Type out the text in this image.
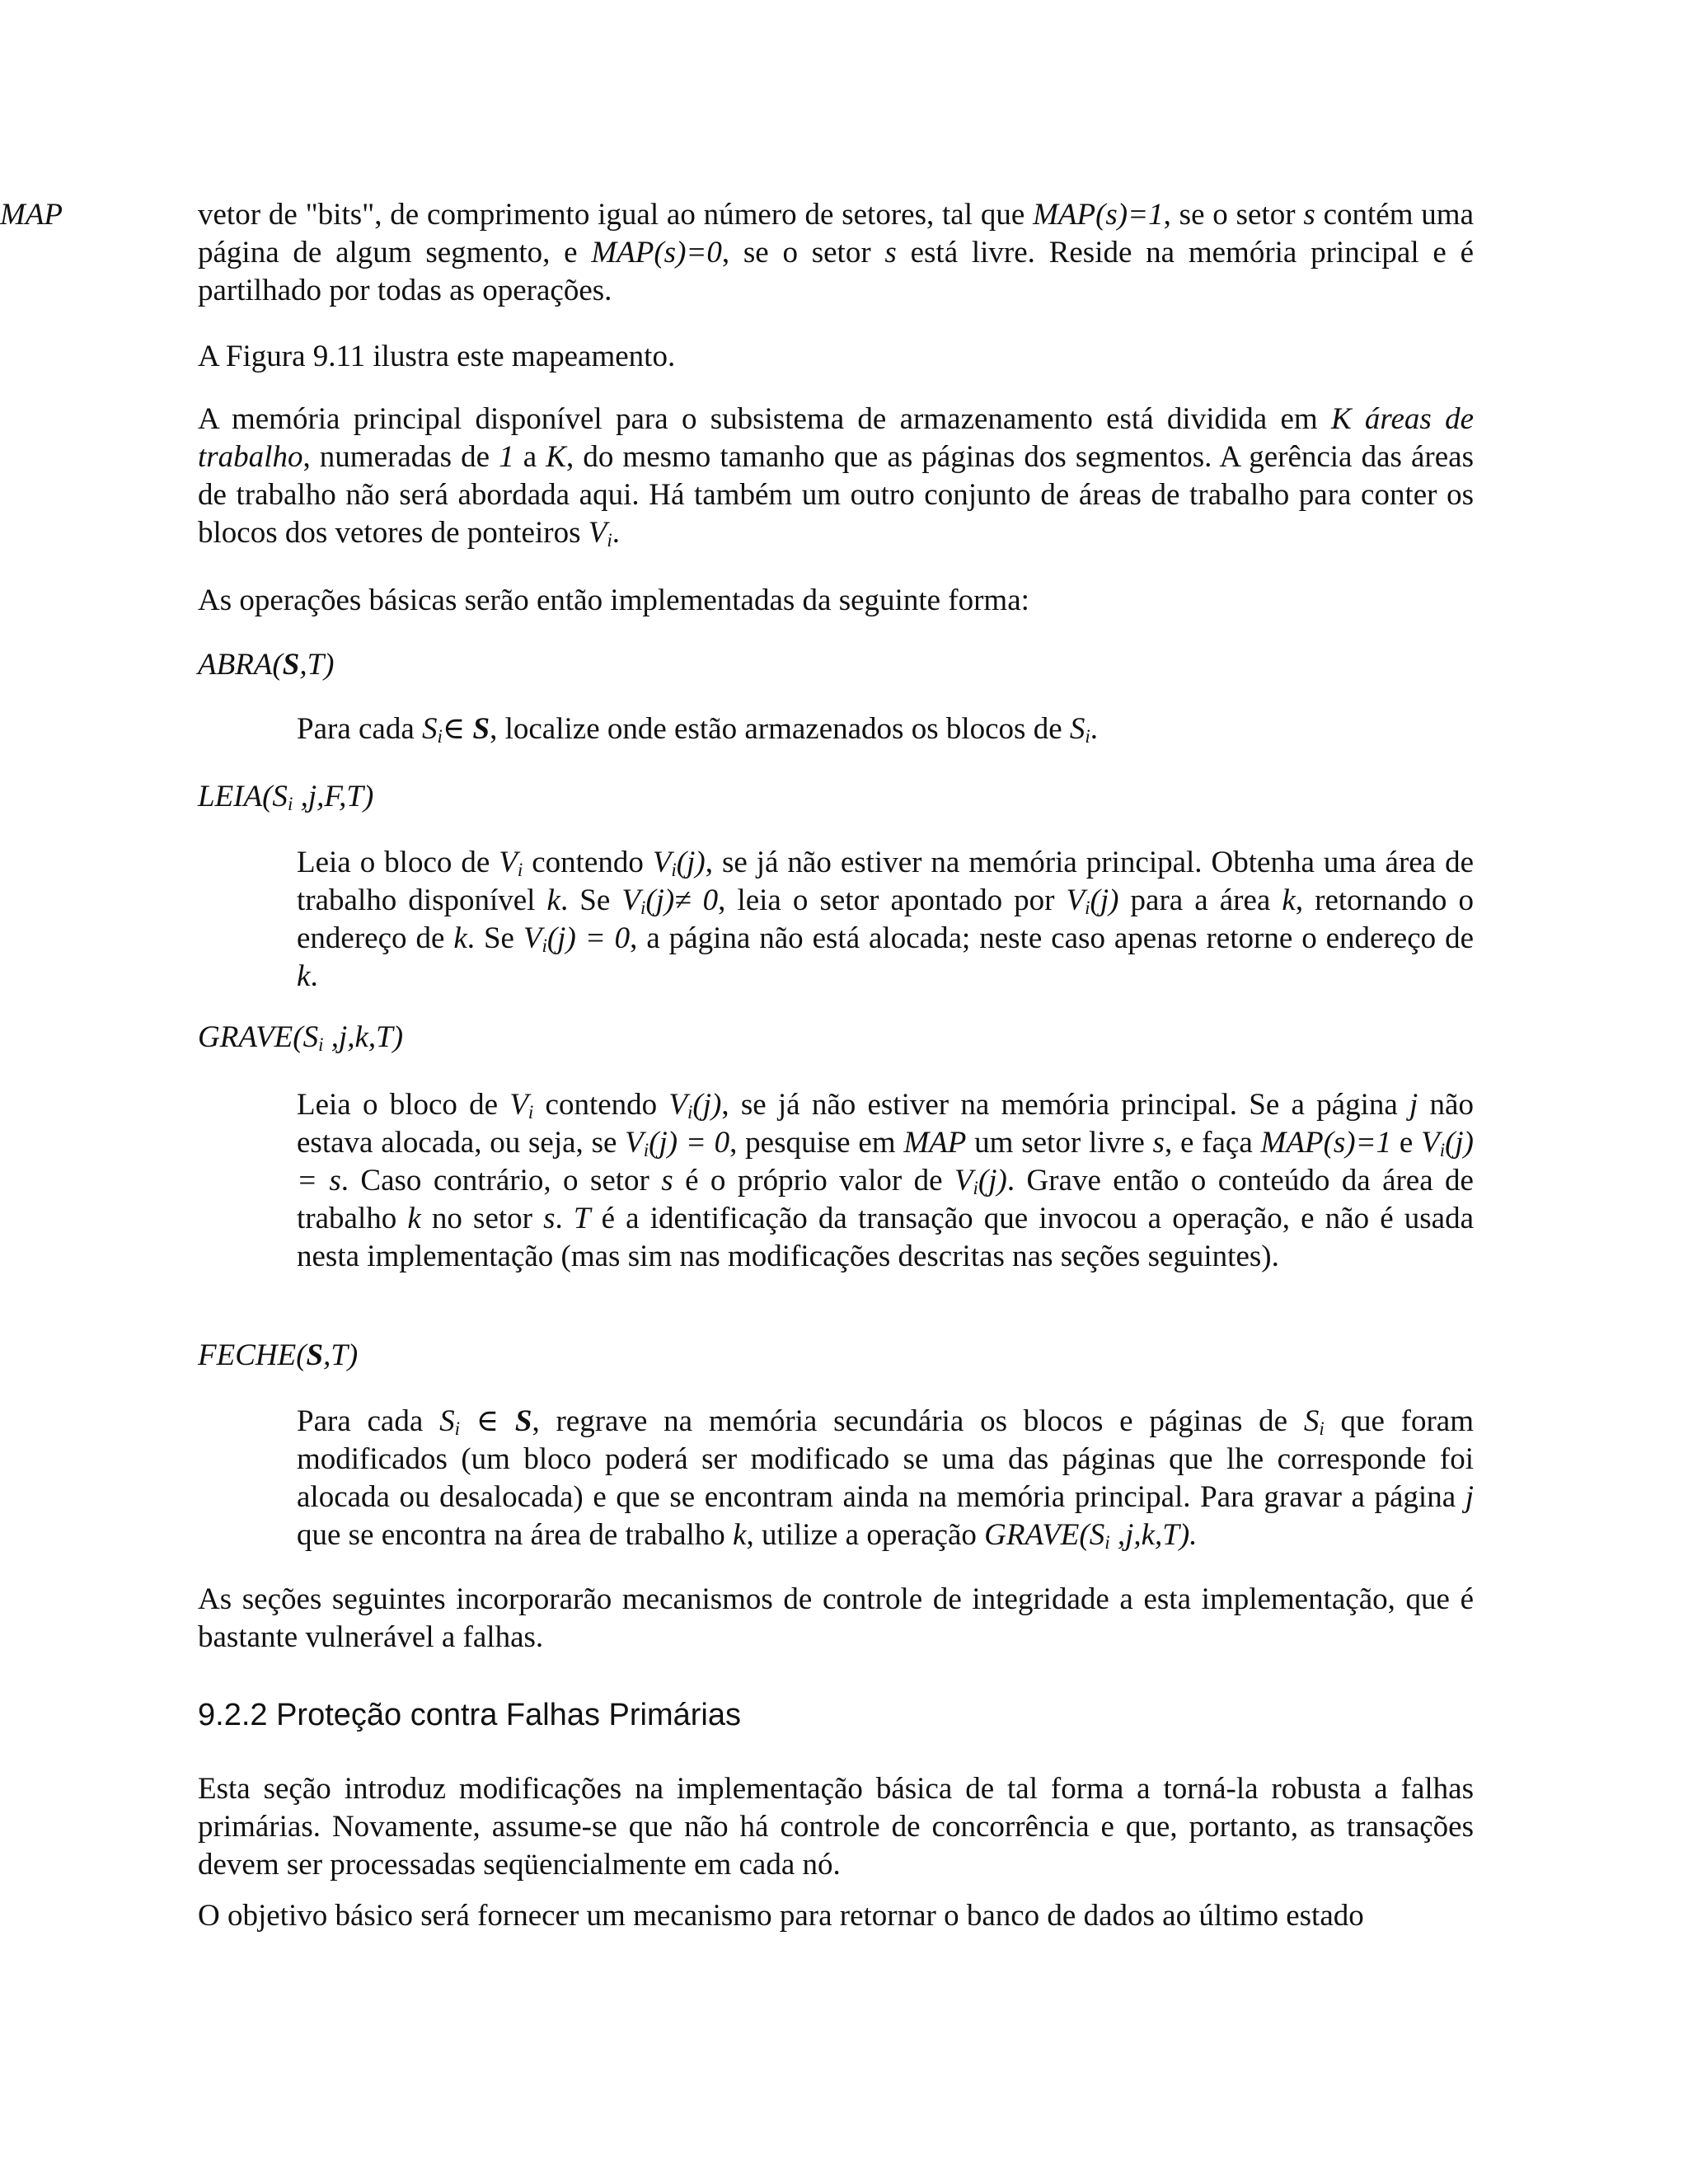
MAP	vetor de "bits", de comprimento igual ao número de setores, tal que MAP(s)=1, se o setor s contém uma página de algum segmento, e MAP(s)=0, se o setor s está livre. Reside na memória principal e é partilhado por todas as operações.

A Figura 9.11 ilustra este mapeamento.

A memória principal disponível para o subsistema de armazenamento está dividida em K áreas de trabalho, numeradas de 1 a K, do mesmo tamanho que as páginas dos segmentos. A gerência das áreas de trabalho não será abordada aqui. Há também um outro conjunto de áreas de trabalho para conter os blocos dos vetores de ponteiros $V_i$.

As operações básicas serão então implementadas da seguinte forma:

ABRA(S,T)

Para cada $S_i\in$ S, localize onde estão armazenados os blocos de $S_i$.

$LEIA(S_i$ ,j,F,T)

Leia o bloco de $V_i$ contendo $V_i(j)$, se já não estiver na memória principal. Obtenha uma área de trabalho disponível k. Se $V_i(j)\ne 0$, leia o setor apontado por $V_i(j)$ para a área k, retornando o endereço de k. Se $V_i(j) = 0$, a página não está alocada; neste caso apenas retorne o endereço de k.

$GRAVE(S_i$ ,j,k,T)

Leia o bloco de $V_i$ contendo $V_i(j)$, se já não estiver na memória principal. Se a página j não estava alocada, ou seja, se $V_i(j) = 0$, pesquise em MAP um setor livre s, e faça MAP(s)=1 e $V_i(j) = s$. Caso contrário, o setor s é o próprio valor de $V_i(j)$. Grave então o conteúdo da área de trabalho k no setor s. T é a identificação da transação que invocou a operação, e não é usada nesta implementação (mas sim nas modificações descritas nas seções seguintes).

FECHE(S,T)

Para cada $S_i$ ∈ S, regrave na memória secundária os blocos e páginas de $S_i$ que foram modificados (um bloco poderá ser modificado se uma das páginas que lhe corresponde foi alocada ou desalocada) e que se encontram ainda na memória principal. Para gravar a página j que se encontra na área de trabalho k, utilize a operação $GRAVE(S_i$ ,j,k,T).

As seções seguintes incorporarão mecanismos de controle de integridade a esta implementação, que é bastante vulnerável a falhas.

9.2.2 Proteção contra Falhas Primárias

Esta seção introduz modificações na implementação básica de tal forma a torná-la robusta a falhas primárias. Novamente, assume-se que não há controle de concorrência e que, portanto, as transações devem ser processadas seqüencialmente em cada nó.

O objetivo básico será fornecer um mecanismo para retornar o banco de dados ao último estado
